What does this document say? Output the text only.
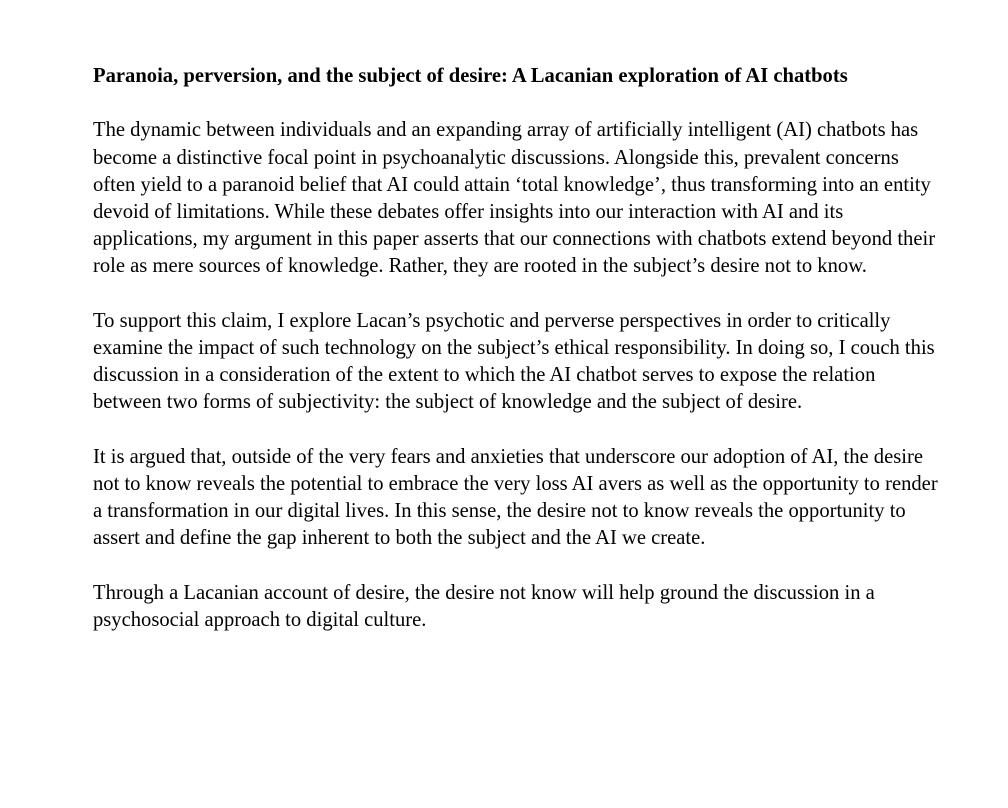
Paranoia, perversion, and the subject of desire: A Lacanian exploration of AI chatbots

The dynamic between individuals and an expanding array of artificially intelligent (AI) chatbots has become a distinctive focal point in psychoanalytic discussions. Alongside this, prevalent concerns often yield to a paranoid belief that AI could attain ‘total knowledge’, thus transforming into an entity devoid of limitations. While these debates offer insights into our interaction with AI and its applications, my argument in this paper asserts that our connections with chatbots extend beyond their role as mere sources of knowledge. Rather, they are rooted in the subject’s desire not to know.

To support this claim, I explore Lacan’s psychotic and perverse perspectives in order to critically examine the impact of such technology on the subject’s ethical responsibility. In doing so, I couch this discussion in a consideration of the extent to which the AI chatbot serves to expose the relation between two forms of subjectivity: the subject of knowledge and the subject of desire.

It is argued that, outside of the very fears and anxieties that underscore our adoption of AI, the desire not to know reveals the potential to embrace the very loss AI avers as well as the opportunity to render a transformation in our digital lives. In this sense, the desire not to know reveals the opportunity to assert and define the gap inherent to both the subject and the AI we create.

Through a Lacanian account of desire, the desire not know will help ground the discussion in a psychosocial approach to digital culture.
